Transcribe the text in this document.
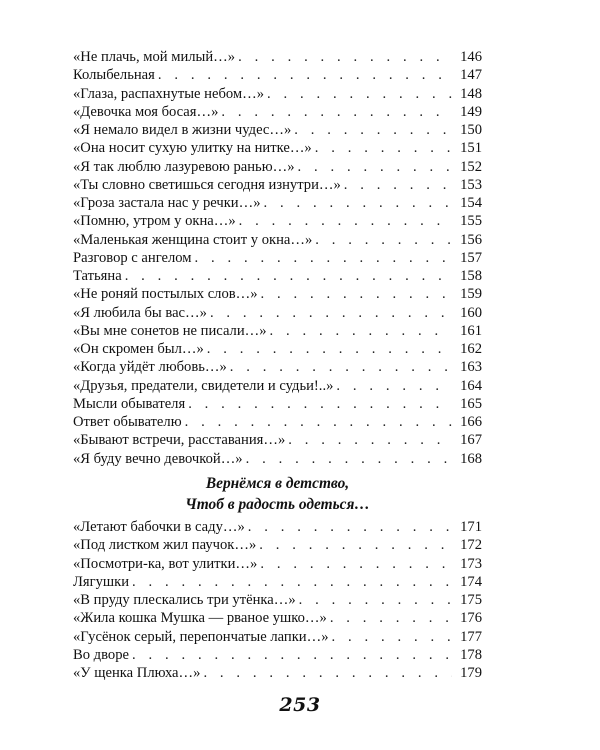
«Не плачь, мой милый…» . . .	146
Колыбельная . . .	147
«Глаза, распахнутые небом…» . . .	148
«Девочка моя босая…» . . .	149
«Я немало видел в жизни чудес…» . . .	150
«Она носит сухую улитку на нитке…» . . .	151
«Я так люблю лазуревою ранью…» . . .	152
«Ты словно светишься сегодня изнутри…» . . .	153
«Гроза застала нас у речки…» . . .	154
«Помню, утром у окна…» . . .	155
«Маленькая женщина стоит у окна…» . . .	156
Разговор с ангелом . . .	157
Татьяна . . .	158
«Не роняй постылых слов…» . . .	159
«Я любила бы вас…» . . .	160
«Вы мне сонетов не писали…» . . .	161
«Он скромен был…» . . .	162
«Когда уйдёт любовь…» . . .	163
«Друзья, предатели, свидетели и судьи!..» . . .	164
Мысли обывателя . . .	165
Ответ обывателю . . .	166
«Бывают встречи, расставания…» . . .	167
«Я буду вечно девочкой…» . . .	168
Вернёмся в детство,
Чтоб в радость одеться…
«Летают бабочки в саду…» . . .	171
«Под листком жил паучок…» . . .	172
«Посмотри-ка, вот улитки…» . . .	173
Лягушки . . .	174
«В пруду плескались три утёнка…» . . .	175
«Жила кошка Мушка — рваное ушко…» . . .	176
«Гусёнок серый, перепончатые лапки…» . . .	177
Во дворе . . .	178
«У щенка Плюха…» . . .	179
253
